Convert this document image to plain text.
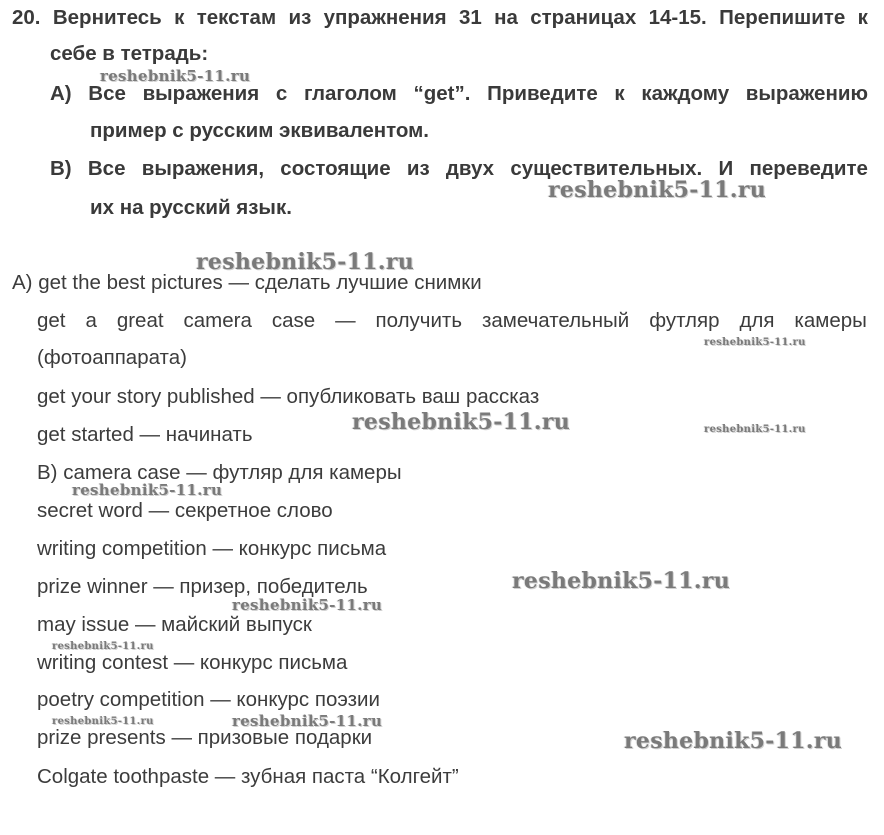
20. Вернитесь к текстам из упражнения 31 на страницах 14-15. Перепишите к
себе в тетрадь:
А) Все выражения с глаголом “get”. Приведите к каждому выражению
пример с русским эквивалентом.
В) Все выражения, состоящие из двух существительных. И переведите
их на русский язык.
А) get the best pictures — сделать лучшие снимки
get a great camera case — получить замечательный футляр для камеры
(фотоаппарата)
get your story published — опубликовать ваш рассказ
get started — начинать
В) camera case — футляр для камеры
secret word — секретное слово
writing competition — конкурс письма
prize winner — призер, победитель
may issue — майский выпуск
writing contest — конкурс письма
poetry competition — конкурс поэзии
prize presents — призовые подарки
Colgate toothpaste — зубная паста “Колгейт”
reshebnik5-11.ru
reshebnik5-11.ru
reshebnik5-11.ru
reshebnik5-11.ru
reshebnik5-11.ru	reshebnik5-11.ru
reshebnik5-11.ru
reshebnik5-11.ru
reshebnik5-11.ru
reshebnik5-11.ru
reshebnik5-11.ru	reshebnik5-11.ru
reshebnik5-11.ru
